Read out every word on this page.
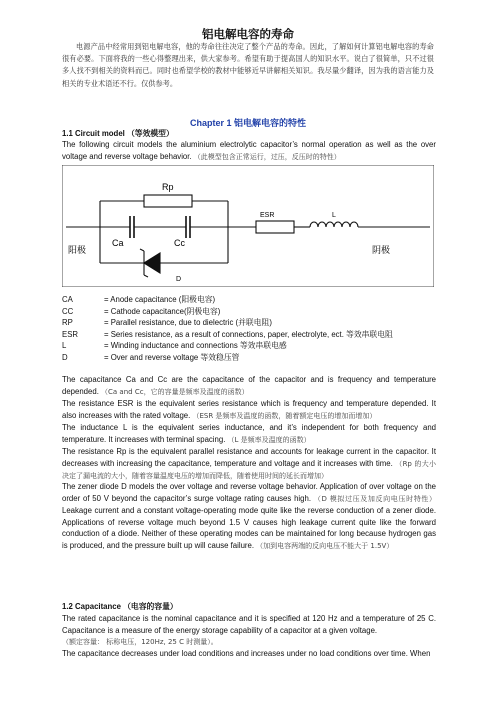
铝电解电容的寿命
电源产品中经常用到铝电解电容，他的寿命往往决定了整个产品的寿命。因此，了解如何计算铝电解电容的寿命很有必要。下面将我的一些心得整理出来，供大家参考。希望有助于提高国人的知识水平。说白了很简单，只不过很多人找不到相关的资料而已。同时也希望学校的教材中能够近早讲解相关知识。我尽量少翻译，因为我的语言能力及相关的专业术语还不行。仅供参考。
Chapter 1 铝电解电容的特性
1.1 Circuit model （等效模型）
The following circuit models the aluminium electrolytic capacitor’s normal operation as well as the over voltage and reverse voltage behavior. （此模型包含正常运行，过压，反压时的特性）
Rp
Ca	Cc
D
ESR	L
阳极	阴极
CA	= Anode capacitance (阳极电容)
CC	= Cathode capacitance(阴极电容)
RP	= Parallel resistance, due to dielectric (并联电阻)
ESR	= Series resistance, as a result of connections, paper, electrolyte, ect. 等效串联电阻
L	= Winding inductance and connections 等效串联电感
D	= Over and reverse voltage 等效稳压管
The capacitance Ca and Cc are the capacitance of the capacitor and is frequency and temperature depended. （Ca and Cc，它的容量是频率及温度的函数）
The resistance ESR is the equivalent series resistance which is frequency and temperature depended. It also increases with the rated voltage. （ESR 是频率及温度的函数，随着额定电压的增加而增加）
The inductance L is the equivalent series inductance, and it’s independent for both frequency and temperature. It increases with terminal spacing. （L 是频率及温度的函数）
The resistance Rp is the equivalent parallel resistance and accounts for leakage current in the capacitor. It decreases with increasing the capacitance, temperature and voltage and it increases with time. （Rp 的大小决定了漏电流的大小，随着容量温度电压的增加而降低，随着使用时间的延长而增加）
The zener diode D models the over voltage and reverse voltage behavior. Application of over voltage on the order of 50 V beyond the capacitor’s surge voltage rating causes high. （D 模拟过压及加反向电压时特性） Leakage current and a constant voltage-operating mode quite like the reverse conduction of a zener diode. Applications of reverse voltage much beyond 1.5 V causes high leakage current quite like the forward conduction of a diode. Neither of these operating modes can be maintained for long because hydrogen gas is produced, and the pressure built up will cause failure. （加到电容两端的反向电压不能大于 1.5V）
1.2 Capacitance （电容的容量）
The rated capacitance is the nominal capacitance and it is specified at 120 Hz and a temperature of 25 C. Capacitance is a measure of the energy storage capability of a capacitor at a given voltage.
（额定容量： 标称电压，120Hz, 25 C 时测量）。
The capacitance decreases under load conditions and increases under no load conditions over time. When
